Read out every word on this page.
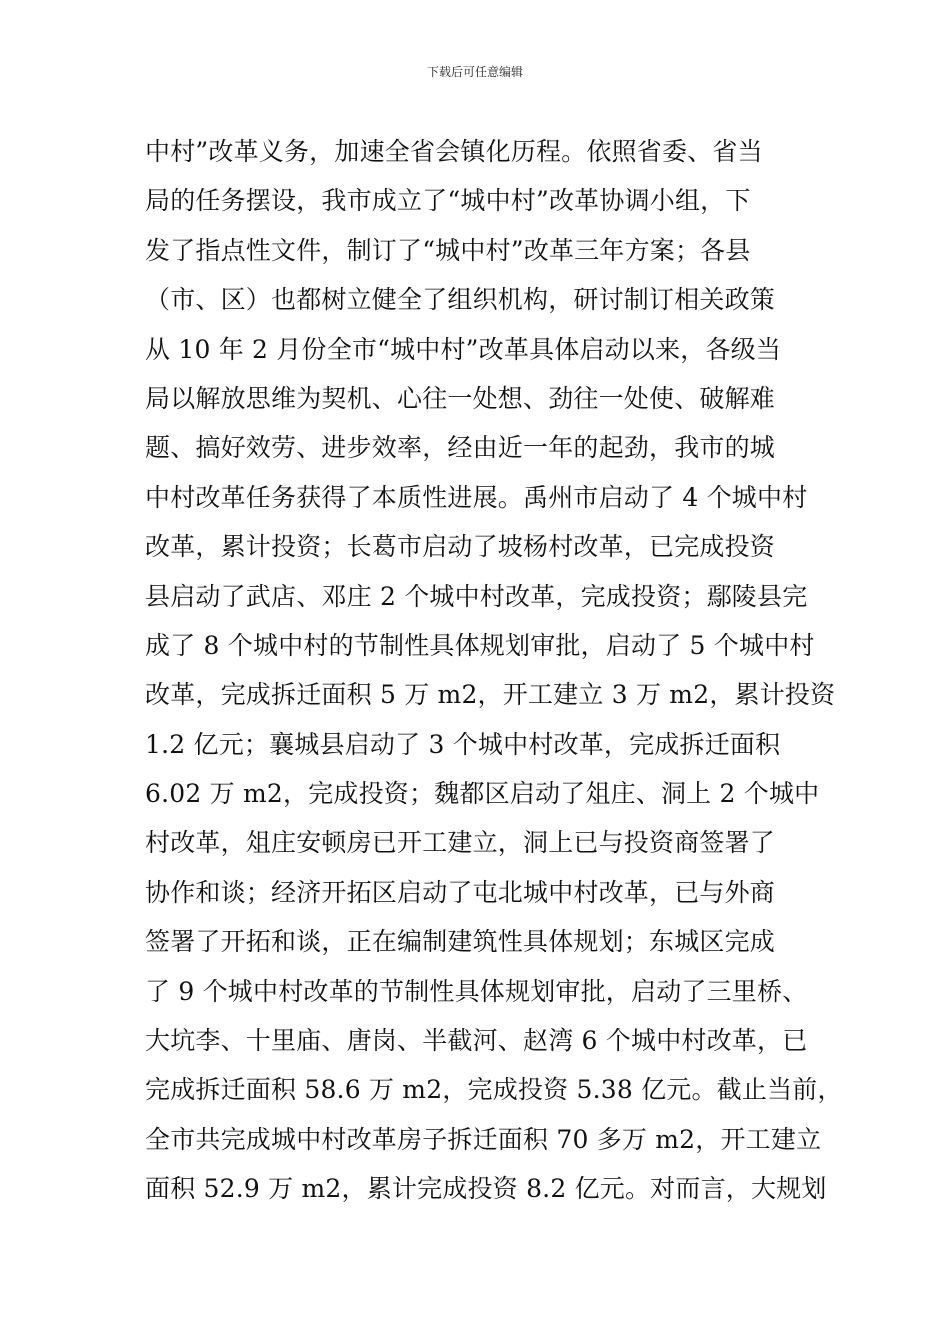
下载后可任意编辑
中村”改革义务，加速全省会镇化历程。依照省委、省当
局的任务摆设，我市成立了“城中村”改革协调小组，下
发了指点性文件，制订了“城中村”改革三年方案；各县
（市、区）也都树立健全了组织机构，研讨制订相关政策
从 10 年 2 月份全市“城中村”改革具体启动以来，各级当
局以解放思维为契机、心往一处想、劲往一处使、破解难
题、搞好效劳、进步效率，经由近一年的起劲，我市的城
中村改革任务获得了本质性进展。禹州市启动了 4 个城中村
改革，累计投资；长葛市启动了坡杨村改革，已完成投资
县启动了武店、邓庄 2 个城中村改革，完成投资；鄢陵县完
成了 8 个城中村的节制性具体规划审批，启动了 5 个城中村
改革，完成拆迁面积 5 万 m2，开工建立 3 万 m2，累计投资
1.2 亿元；襄城县启动了 3 个城中村改革，完成拆迁面积
6.02 万 m2，完成投资；魏都区启动了俎庄、洞上 2 个城中
村改革，俎庄安顿房已开工建立，洞上已与投资商签署了
协作和谈；经济开拓区启动了屯北城中村改革，已与外商
签署了开拓和谈，正在编制建筑性具体规划；东城区完成
了 9 个城中村改革的节制性具体规划审批，启动了三里桥、
大坑李、十里庙、唐岗、半截河、赵湾 6 个城中村改革，已
完成拆迁面积 58.6 万 m2，完成投资 5.38 亿元。截止当前，
全市共完成城中村改革房子拆迁面积 70 多万 m2，开工建立
面积 52.9 万 m2，累计完成投资 8.2 亿元。对而言，大规划
